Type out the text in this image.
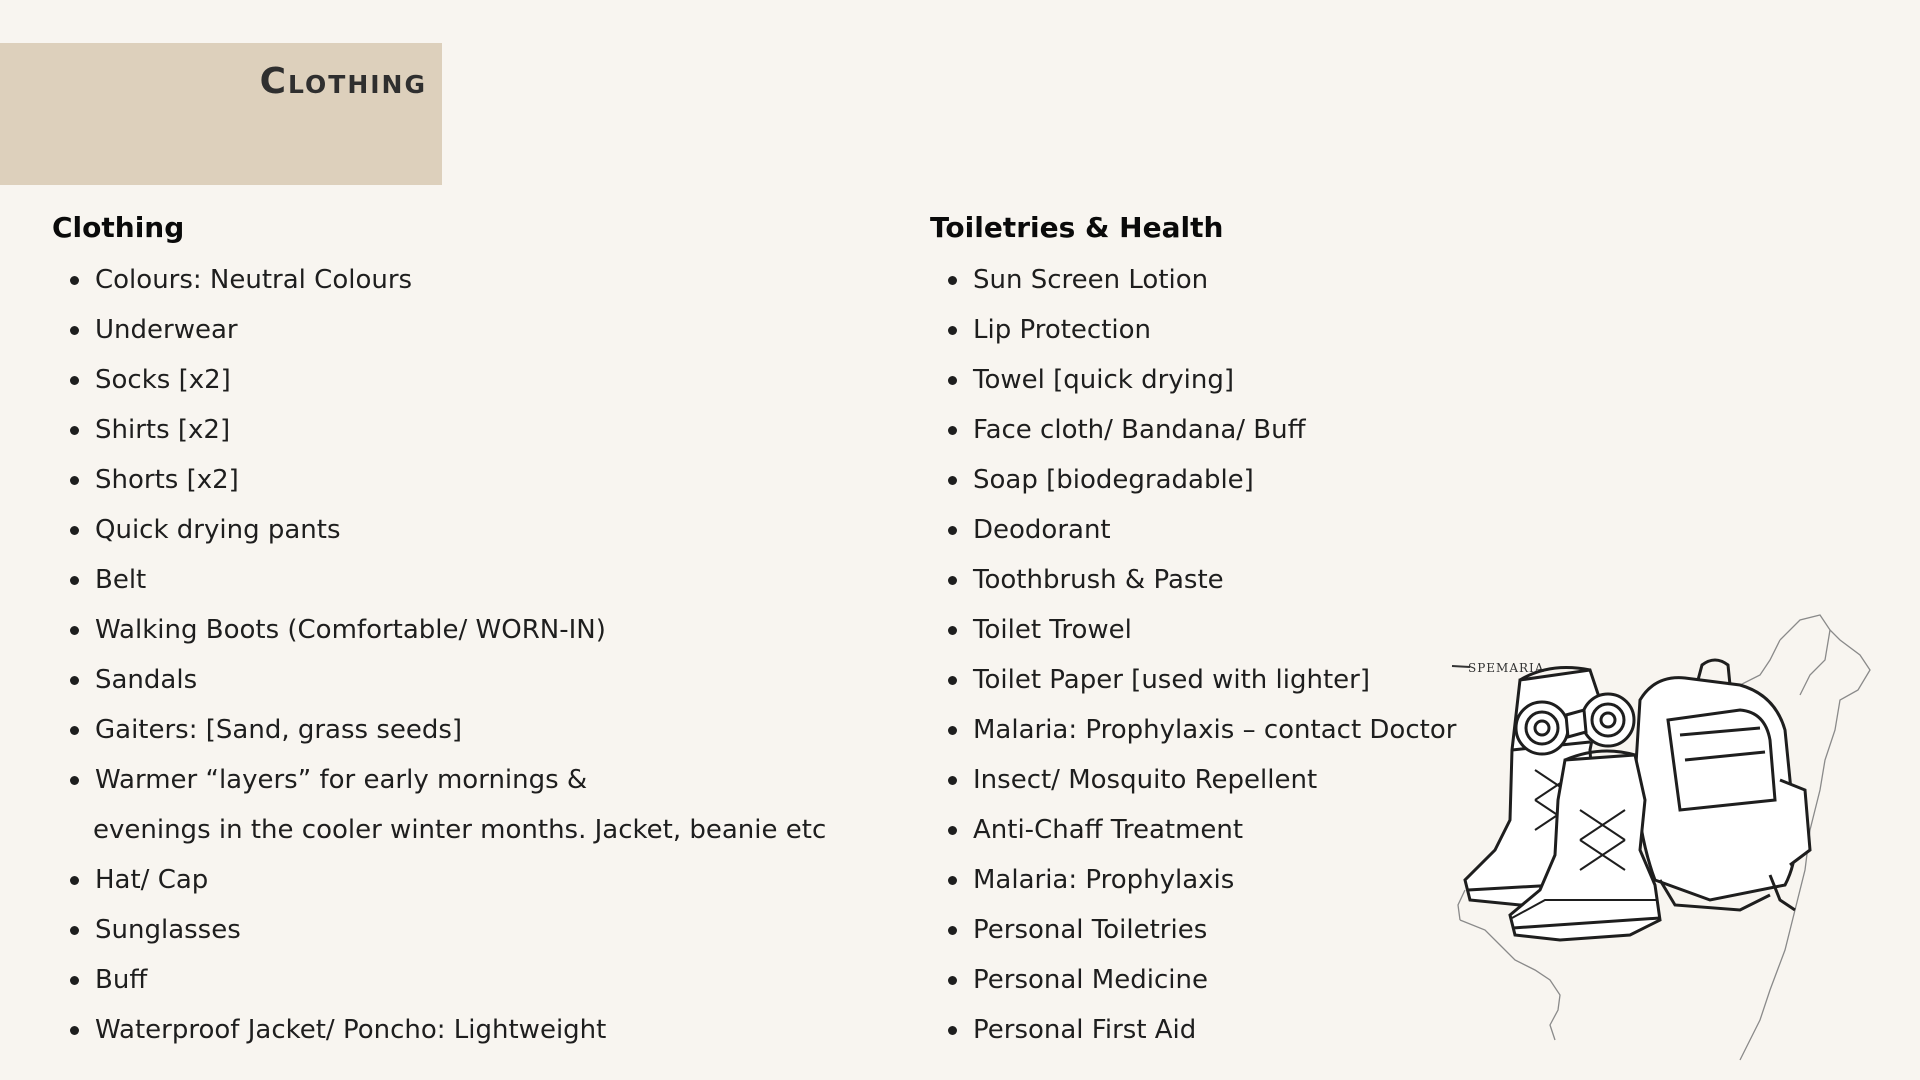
Clothing
Clothing
Colours: Neutral Colours
Underwear
Socks [x2]
Shirts [x2]
Shorts [x2]
Quick drying pants
Belt
Walking Boots (Comfortable/ WORN-IN)
Sandals
Gaiters: [Sand, grass seeds]
Warmer “layers” for early mornings &
evenings in the cooler winter months. Jacket, beanie etc
Hat/ Cap
Sunglasses
Buff
Waterproof Jacket/ Poncho: Lightweight
Toiletries & Health
Sun Screen Lotion
Lip Protection
Towel [quick drying]
Face cloth/ Bandana/ Buff
Soap [biodegradable]
Deodorant
Toothbrush & Paste
Toilet Trowel
Toilet Paper [used with lighter]
Malaria: Prophylaxis – contact Doctor
Insect/ Mosquito Repellent
Anti-Chaff Treatment
Malaria: Prophylaxis
Personal Toiletries
Personal Medicine
Personal First Aid
SPEMARIA
